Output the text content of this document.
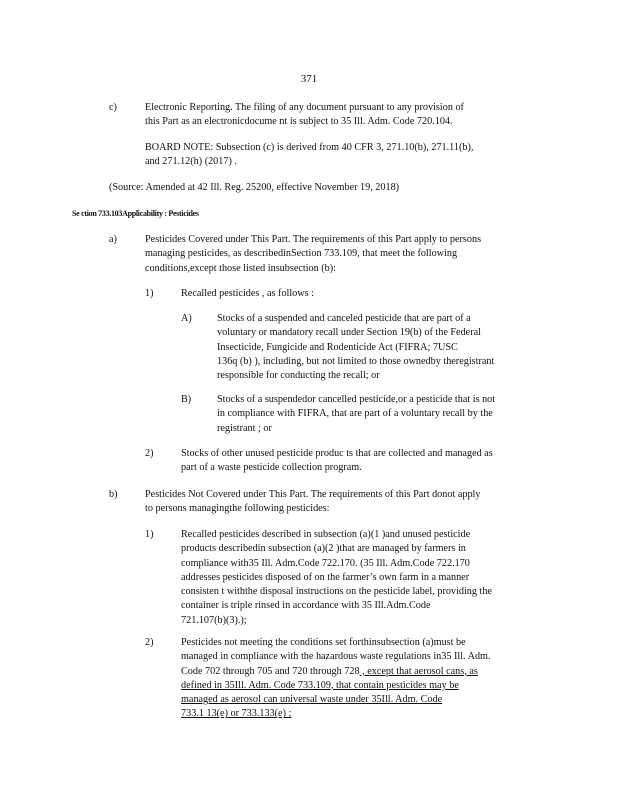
371
c)	Electronic Reporting. The filing of any document pursuant to any provision of
this Part as an electronicdocume nt is subject to 35 Ill. Adm. Code 720.104.
BOARD NOTE: Subsection (c) is derived from 40 CFR 3, 271.10(b), 271.11(b),
and 271.12(h) (2017) .
(Source: Amended at 42 Ill. Reg. 25200, effective November 19, 2018)
Se ction 733.103Applicability : Pesticides
a)	Pesticides Covered under This Part. The requirements of this Part apply to persons
managing pesticides, as describedinSection 733.109, that meet the following
conditions,except those listed insubsection (b):
1)	Recalled pesticides , as follows :
A) Stocks of a suspended and canceled pesticide that are part of a
voluntary or mandatory recall under Section 19(b) of the Federal
Insecticide, Fungicide and Rodenticide Act (FIFRA; 7USC
136q (b) ), including, but not limited to those ownedby theregistrant
responsible for conducting the recall; or
B)	Stocks of a suspendedor cancelled pesticide,or a pesticide that is not
in compliance with FIFRA, that are part of a voluntary recall by the
registrant ; or
2)	Stocks of other unused pesticide produc ts that are collected and managed as
part of a waste pesticide collection program.
b)	Pesticides Not Covered under This Part. The requirements of this Part donot apply
to persons managingthe following pesticides:
1)	Recalled pesticides described in subsection (a)(1 )and unused pesticide
products describedin subsection (a)(2 )that are managed by farmers in
compliance with35 Ill. Adm.Code 722.170. (35 Ill. Adm.Code 722.170
addresses pesticides disposed of on the farmer’s own farm in a manner
consisten t withthe disposal instructions on the pesticide label, providing the
container is triple rinsed in accordance with 35 Ill.Adm.Code
721.107(b)(3).);
2)	Pesticides not meeting the conditions set forthinsubsection (a)must be
managed in compliance with the hazardous waste regulations in35 Ill. Adm.
Code 702 through 705 and 720 through 728 , except that aerosol cans, as
defined in 35Ill. Adm. Code 733.109, that contain pesticides may be
managed as aerosol can universal waste under 35Ill. Adm. Code
733.1 13(e) or 733.133(e) ;
